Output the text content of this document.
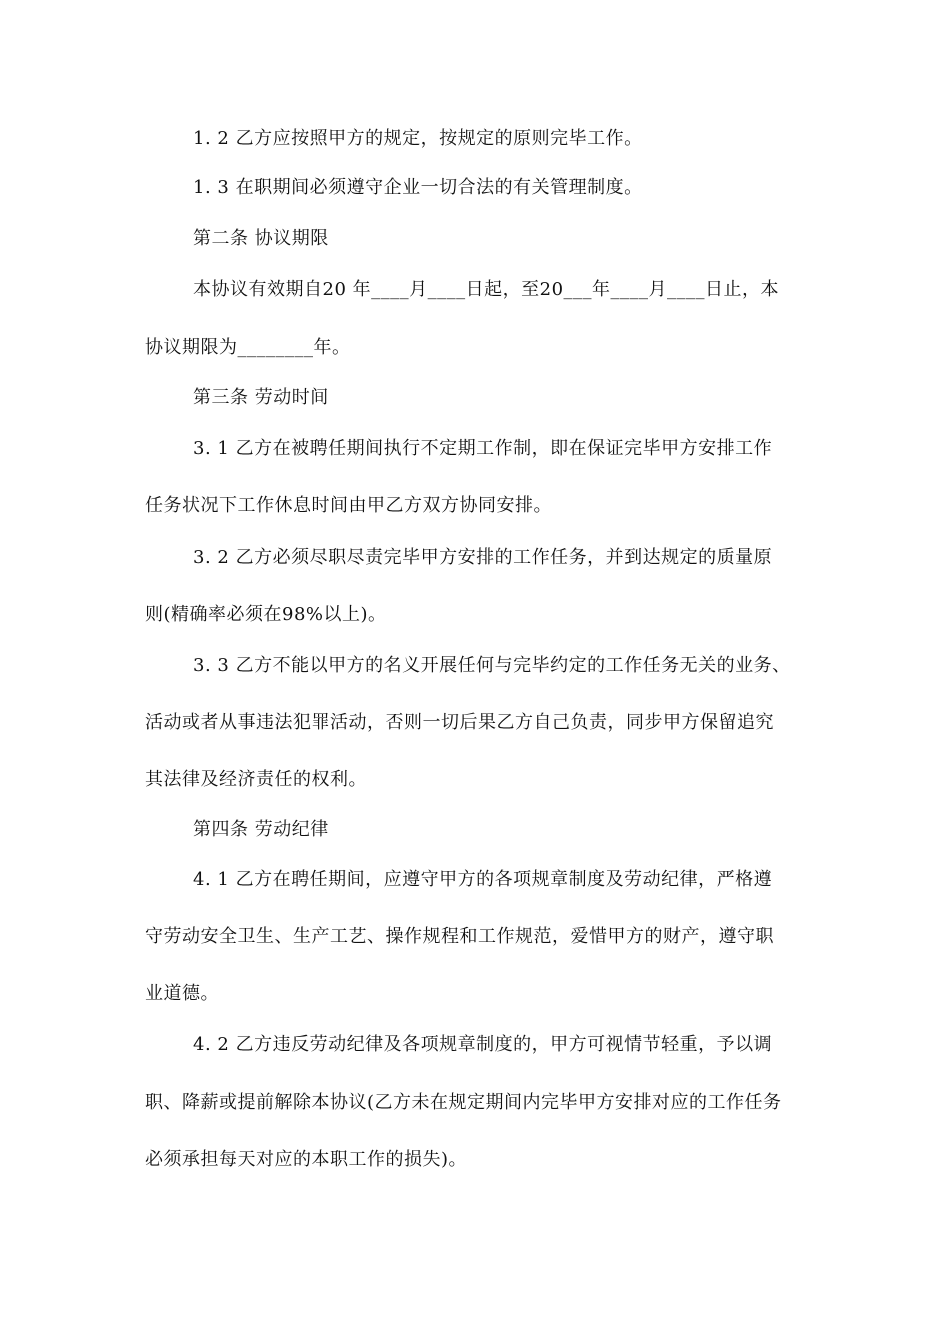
1. 2 乙方应按照甲方的规定，按规定的原则完毕工作。
1. 3 在职期间必须遵守企业一切合法的有关管理制度。
第二条 协议期限
本协议有效期自20 年____月____日起，至20___年____月____日止，本
协议期限为________年。
第三条 劳动时间
3. 1 乙方在被聘任期间执行不定期工作制，即在保证完毕甲方安排工作
任务状况下工作休息时间由甲乙方双方协同安排。
3. 2 乙方必须尽职尽责完毕甲方安排的工作任务，并到达规定的质量原
则(精确率必须在98%以上)。
3. 3 乙方不能以甲方的名义开展任何与完毕约定的工作任务无关的业务、
活动或者从事违法犯罪活动，否则一切后果乙方自己负责，同步甲方保留追究
其法律及经济责任的权利。
第四条 劳动纪律
4. 1 乙方在聘任期间，应遵守甲方的各项规章制度及劳动纪律，严格遵
守劳动安全卫生、生产工艺、操作规程和工作规范，爱惜甲方的财产，遵守职
业道德。
4. 2 乙方违反劳动纪律及各项规章制度的，甲方可视情节轻重，予以调
职、降薪或提前解除本协议(乙方未在规定期间内完毕甲方安排对应的工作任务
必须承担每天对应的本职工作的损失)。
